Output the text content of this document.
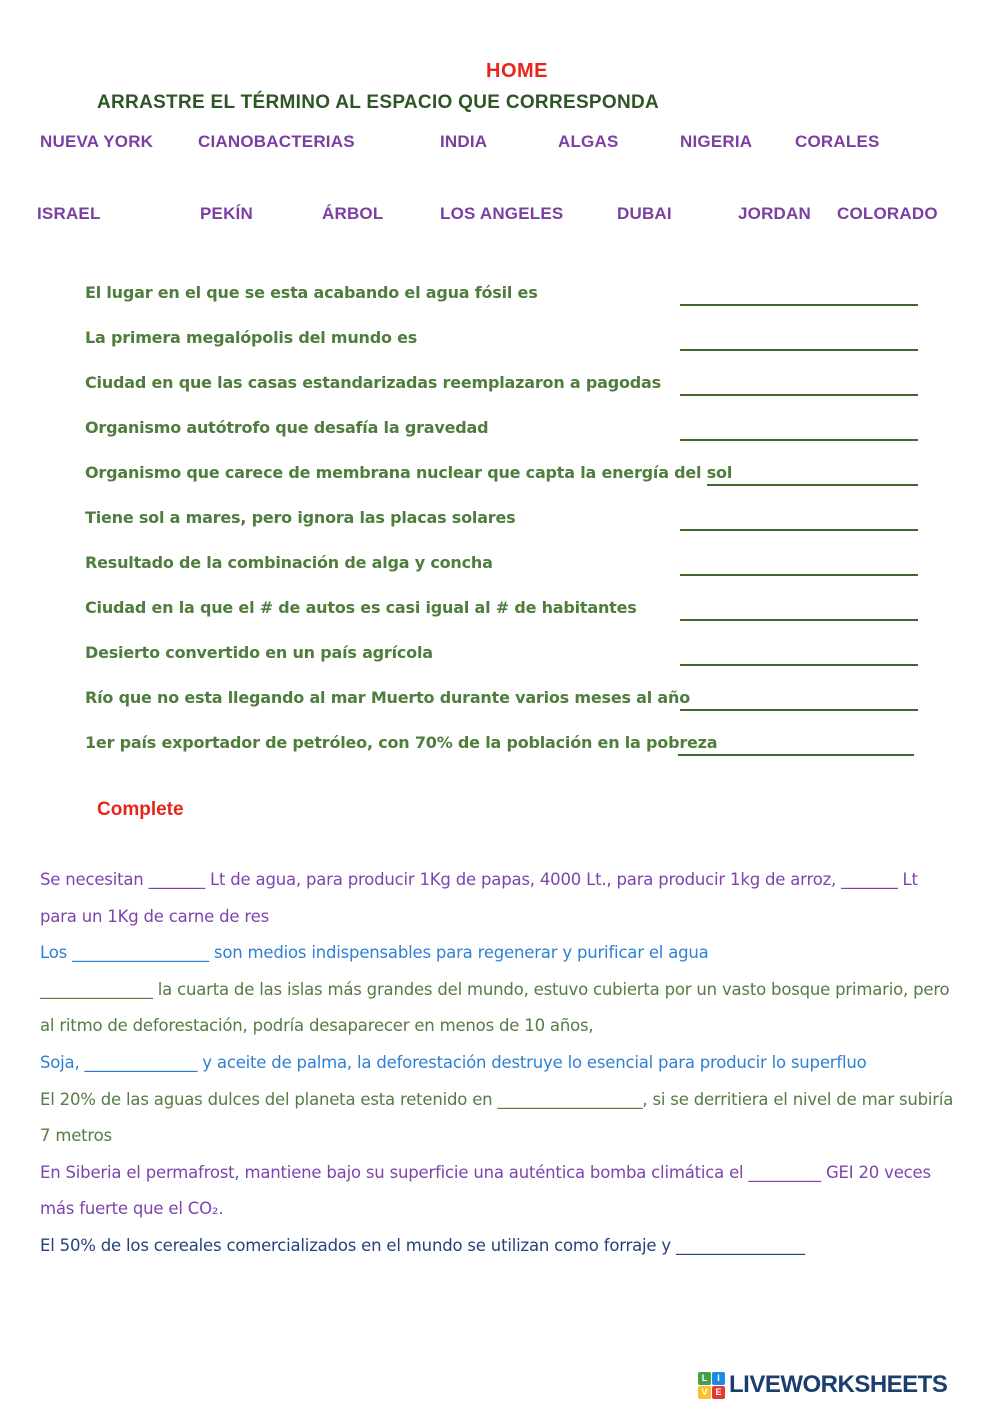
HOME
ARRASTRE EL TÉRMINO AL ESPACIO QUE CORRESPONDA
NUEVA YORK	CIANOBACTERIAS	INDIA	ALGAS	NIGERIA	CORALES
ISRAEL	PEKÍN	ÁRBOL	LOS ANGELES	DUBAI	JORDAN COLORADO
El lugar en el que se esta acabando el agua fósil es
La primera megalópolis del mundo es
Ciudad en que las casas estandarizadas reemplazaron a pagodas
Organismo autótrofo que desafía la gravedad
Organismo que carece de membrana nuclear que capta la energía del sol
Tiene sol a mares, pero ignora las placas solares
Resultado de la combinación de alga y concha
Ciudad en la que el # de autos es casi igual al # de habitantes
Desierto convertido en un país agrícola
Río que no esta llegando al mar Muerto durante varios meses al año
1er país exportador de petróleo, con 70% de la población en la pobreza
Complete
Se necesitan _______ Lt de agua, para producir 1Kg de papas, 4000 Lt., para producir 1kg de arroz, _______ Lt
para un 1Kg de carne de res
Los _________________ son medios indispensables para regenerar y purificar el agua
______________ la cuarta de las islas más grandes del mundo, estuvo cubierta por un vasto bosque primario, pero
al ritmo de deforestación, podría desaparecer en menos de 10 años,
Soja, ______________ y aceite de palma, la deforestación destruye lo esencial para producir lo superfluo
El 20% de las aguas dulces del planeta esta retenido en __________________, si se derritiera el nivel de mar subiría
7 metros
En Siberia el permafrost, mantiene bajo su superficie una auténtica bomba climática el _________ GEI 20 veces
más fuerte que el CO₂.
El 50% de los cereales comercializados en el mundo se utilizan como forraje y ________________
L	I
V E LIVEWORKSHEETS
